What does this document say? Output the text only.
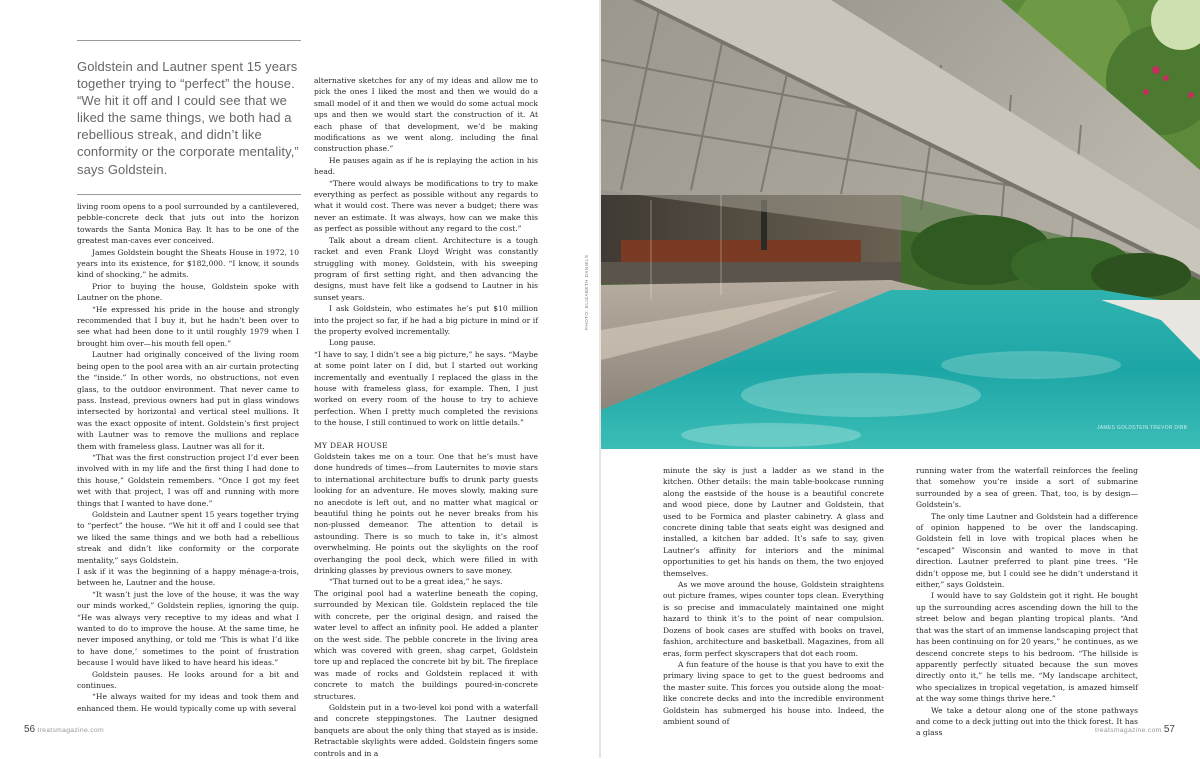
Goldstein and Lautner spent 15 years together trying to “perfect” the house. “We hit it off and I could see that we liked the same things, we both had a rebellious streak, and didn’t like conformity or the corporate mentality,” says Goldstein.

living room opens to a pool surrounded by a cantilevered, pebble-concrete deck that juts out into the horizon towards the Santa Monica Bay. It has to be one of the greatest man-caves ever conceived.

James Goldstein bought the Sheats House in 1972, 10 years into its existence, for $182,000. “I know, it sounds kind of shocking,” he admits.

Prior to buying the house, Goldstein spoke with Lautner on the phone.

“He expressed his pride in the house and strongly recommended that I buy it, but he hadn’t been over to see what had been done to it until roughly 1979 when I brought him over—his mouth fell open.”

Lautner had originally conceived of the living room being open to the pool area with an air curtain protecting the “inside.” In other words, no obstructions, not even glass, to the outdoor environment. That never came to pass. Instead, previous owners had put in glass windows intersected by horizontal and vertical steel mullions. It was the exact opposite of intent. Goldstein’s first project with Lautner was to remove the mullions and replace them with frameless glass. Lautner was all for it.

“That was the first construction project I’d ever been involved with in my life and the first thing I had done to this house,” Goldstein remembers. “Once I got my feet wet with that project, I was off and running with more things that I wanted to have done.”

Goldstein and Lautner spent 15 years together trying to “perfect” the house. “We hit it off and I could see that we liked the same things and we both had a rebellious streak and didn’t like conformity or the corporate mentality,” says Goldstein.

I ask if it was the beginning of a happy ménage-a-trois, between he, Lautner and the house.

“It wasn’t just the love of the house, it was the way our minds worked,” Goldstein replies, ignoring the quip. “He was always very receptive to my ideas and what I wanted to do to improve the house. At the same time, he never imposed anything, or told me ‘This is what I’d like to have done,’ sometimes to the point of frustration because I would have liked to have heard his ideas.”

Goldstein pauses. He looks around for a bit and continues.

“He always waited for my ideas and took them and enhanced them. He would typically come up with several

alternative sketches for any of my ideas and allow me to pick the ones I liked the most and then we would do a small model of it and then we would do some actual mock ups and then we would start the construction of it. At each phase of that development, we’d be making modifications as we went along, including the final construction phase.”

He pauses again as if he is replaying the action in his head.

“There would always be modifications to try to make everything as perfect as possible without any regards to what it would cost. There was never a budget; there was never an estimate. It was always, how can we make this as perfect as possible without any regard to the cost.”

Talk about a dream client. Architecture is a tough racket and even Frank Lloyd Wright was constantly struggling with money. Goldstein, with his sweeping program of first setting right, and then advancing the designs, must have felt like a godsend to Lautner in his sunset years.

I ask Goldstein, who estimates he’s put $10 million into the project so far, if he had a big picture in mind or if the property evolved incrementally.

Long pause.

“I have to say, I didn’t see a big picture,” he says. “Maybe at some point later on I did, but I started out working incrementally and eventually I replaced the glass in the house with frameless glass, for example. Then, I just worked on every room of the house to try to achieve perfection. When I pretty much completed the revisions to the house, I still continued to work on little details.”

MY DEAR HOUSE

Goldstein takes me on a tour. One that he’s must have done hundreds of times—from Lauternites to movie stars to international architecture buffs to drunk party guests looking for an adventure. He moves slowly, making sure no anecdote is left out, and no matter what magical or beautiful thing he points out he never breaks from his non-plussed demeanor. The attention to detail is astounding. There is so much to take in, it’s almost overwhelming. He points out the skylights on the roof overhanging the pool deck, which were filled in with drinking glasses by previous owners to save money.

“That turned out to be a great idea,” he says.

The original pool had a waterline beneath the coping, surrounded by Mexican tile. Goldstein replaced the tile with concrete, per the original design, and raised the water level to affect an infinity pool. He added a planter on the west side. The pebble concrete in the living area which was covered with green, shag carpet, Goldstein tore up and replaced the concrete bit by bit. The fireplace was made of rocks and Goldstein replaced it with concrete to match the buildings poured-in-concrete structures.

Goldstein put in a two-level koi pond with a waterfall and concrete steppingstones. The Lautner designed banquets are about the only thing that stayed as is inside. Retractable skylights were added. Goldstein fingers some controls and in a

minute the sky is just a ladder as we stand in the kitchen. Other details: the main table-bookcase running along the eastside of the house is a beautiful concrete and wood piece, done by Lautner and Goldstein, that used to be Formica and plaster cabinetry. A glass and concrete dining table that seats eight was designed and installed, a kitchen bar added. It’s safe to say, given Lautner’s affinity for interiors and the minimal opportunities to get his hands on them, the two enjoyed themselves.

As we move around the house, Goldstein straightens out picture frames, wipes counter tops clean. Everything is so precise and immaculately maintained one might hazard to think it’s to the point of near compulsion. Dozens of book cases are stuffed with books on travel, fashion, architecture and basketball. Magazines, from all eras, form perfect skyscrapers that dot each room.

A fun feature of the house is that you have to exit the primary living space to get to the guest bedrooms and the master suite. This forces you outside along the moat-like concrete decks and into the incredible environment Goldstein has submerged his house into. Indeed, the ambient sound of

running water from the waterfall reinforces the feeling that somehow you’re inside a sort of submarine surrounded by a sea of green. That, too, is by design—Goldstein’s.

The only time Lautner and Goldstein had a difference of opinion happened to be over the landscaping. Goldstein fell in love with tropical places when he “escaped” Wisconsin and wanted to move in that direction. Lautner preferred to plant pine trees. “He didn’t oppose me, but I could see he didn’t understand it either,” says Goldstein.

I would have to say Goldstein got it right. He bought up the surrounding acres ascending down the hill to the street below and began planting tropical plants. “And that was the start of an immense landscaping project that has been continuing on for 20 years,” he continues, as we descend concrete steps to his bedroom. “The hillside is apparently perfectly situated because the sun moves directly onto it,” he tells me. “My landscape architect, who specializes in tropical vegetation, is amazed himself at the way some things thrive here.”

We take a detour along one of the stone pathways and come to a deck jutting out into the thick forest. It has a glass

PHOTO: ELIZABETH DANIELS
JAMES GOLDSTEIN TREVOR DIBB
56 treatsmagazine.com	treatsmagazine.com 57
